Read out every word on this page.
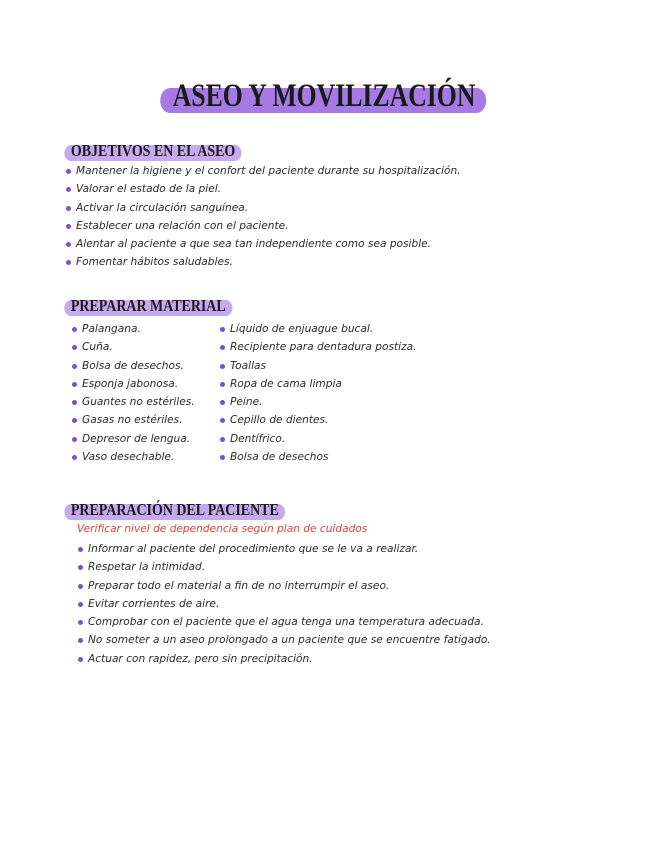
ASEO Y MOVILIZACIÓN
OBJETIVOS EN EL ASEO
Mantener la higiene y el confort del paciente durante su hospitalización.
Valorar el estado de la piel.
Activar la circulación sanguínea.
Establecer una relación con el paciente.
Alentar al paciente a que sea tan independiente como sea posible.
Fomentar hábitos saludables.
PREPARAR MATERIAL
Palangana.
Cuña.
Bolsa de desechos.
Esponja jabonosa.
Guantes no estériles.
Gasas no estériles.
Depresor de lengua.
Vaso desechable.
Líquido de enjuague bucal.
Recipiente para dentadura postiza.
Toallas
Ropa de cama limpia
Peine.
Cepillo de dientes.
Dentífrico.
Bolsa de desechos
PREPARACIÓN DEL PACIENTE
Verificar nivel de dependencia según plan de cuidados
Informar al paciente del procedimiento que se le va a realizar.
Respetar la intimidad.
Preparar todo el material a fin de no interrumpir el aseo.
Evitar corrientes de aire.
Comprobar con el paciente que el agua tenga una temperatura adecuada.
No someter a un aseo prolongado a un paciente que se encuentre fatigado.
Actuar con rapidez, pero sin precipitación.
